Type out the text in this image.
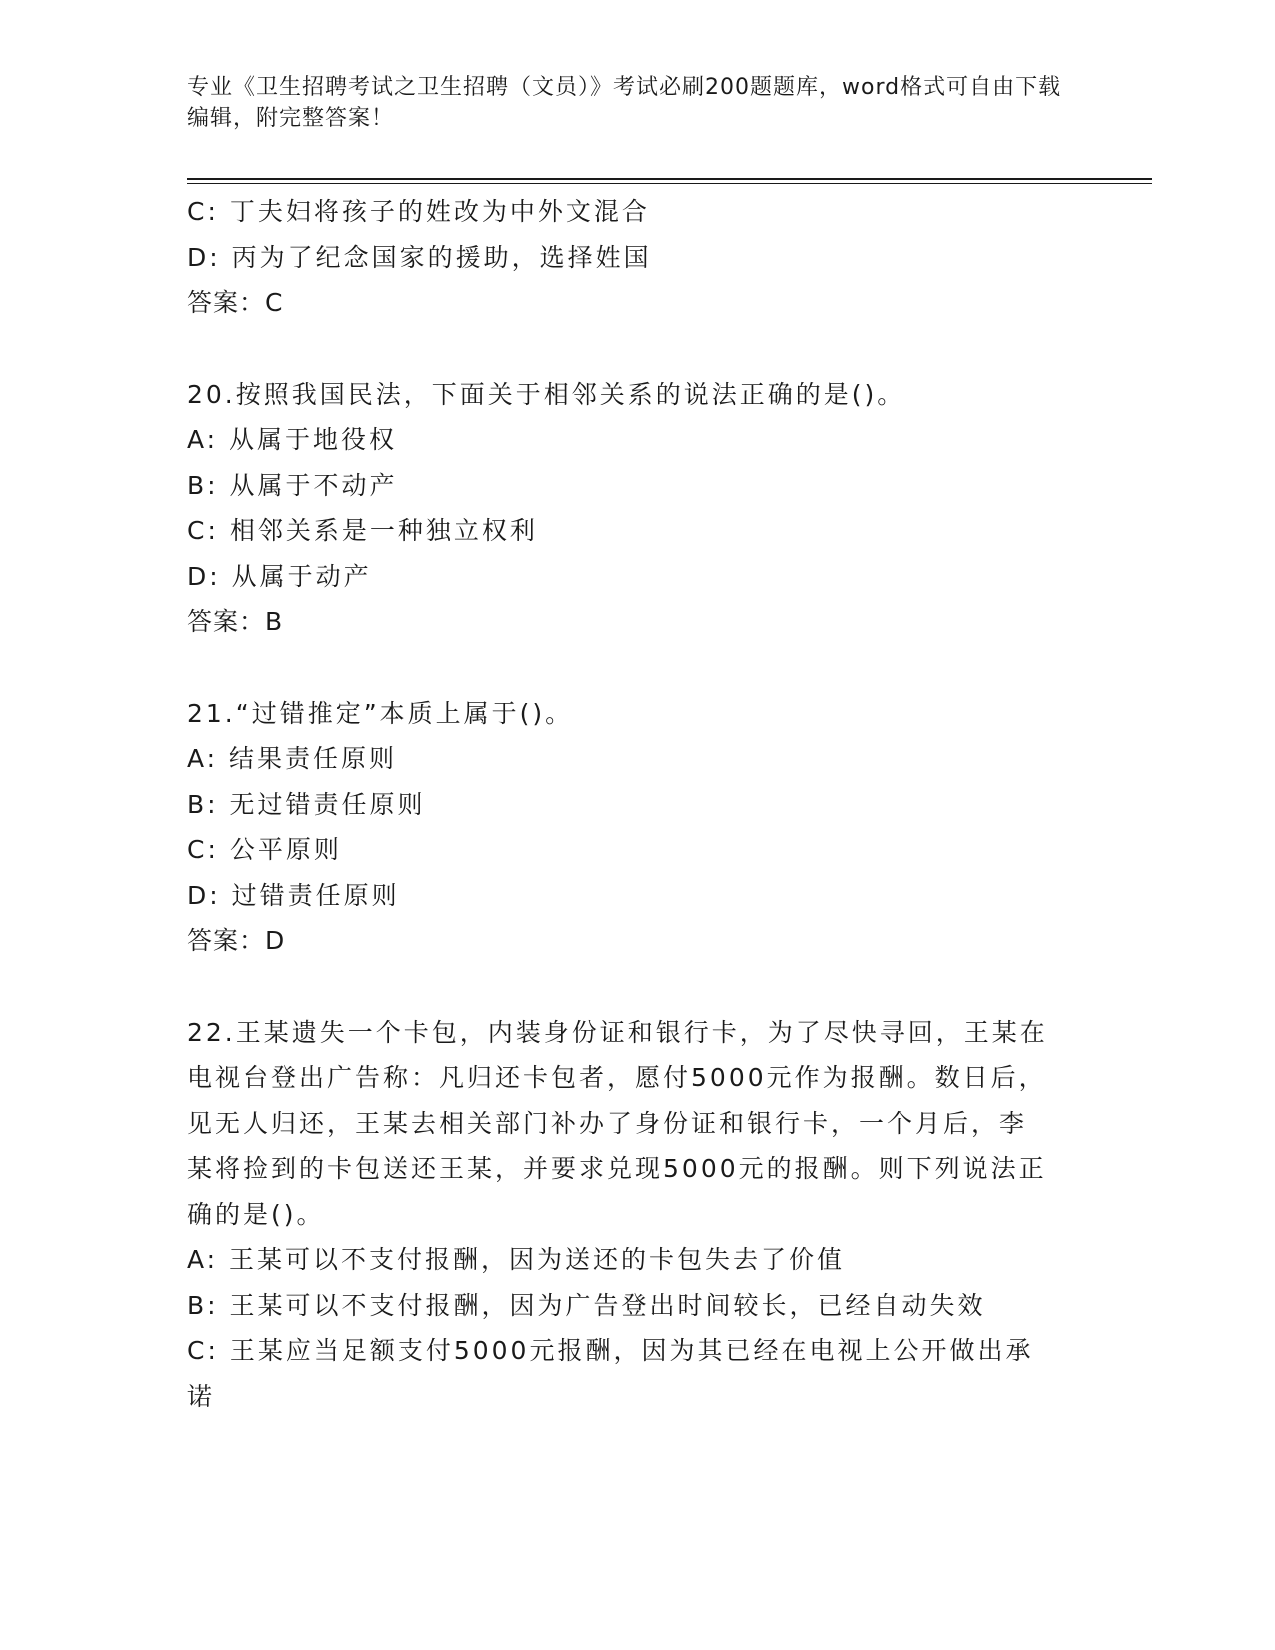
专业《卫生招聘考试之卫生招聘（文员）》考试必刷200题题库，word格式可自由下载编辑，附完整答案！
C: 丁夫妇将孩子的姓改为中外文混合
D: 丙为了纪念国家的援助，选择姓国
答案：C
20.按照我国民法，下面关于相邻关系的说法正确的是()。
A: 从属于地役权
B: 从属于不动产
C: 相邻关系是一种独立权利
D: 从属于动产
答案：B
21.“过错推定”本质上属于()。
A: 结果责任原则
B: 无过错责任原则
C: 公平原则
D: 过错责任原则
答案：D
22.王某遗失一个卡包，内装身份证和银行卡，为了尽快寻回，王某在
电视台登出广告称：凡归还卡包者，愿付5000元作为报酬。数日后，
见无人归还，王某去相关部门补办了身份证和银行卡，一个月后，李
某将捡到的卡包送还王某，并要求兑现5000元的报酬。则下列说法正
确的是()。
A: 王某可以不支付报酬，因为送还的卡包失去了价值
B: 王某可以不支付报酬，因为广告登出时间较长，已经自动失效
C: 王某应当足额支付5000元报酬，因为其已经在电视上公开做出承
诺
